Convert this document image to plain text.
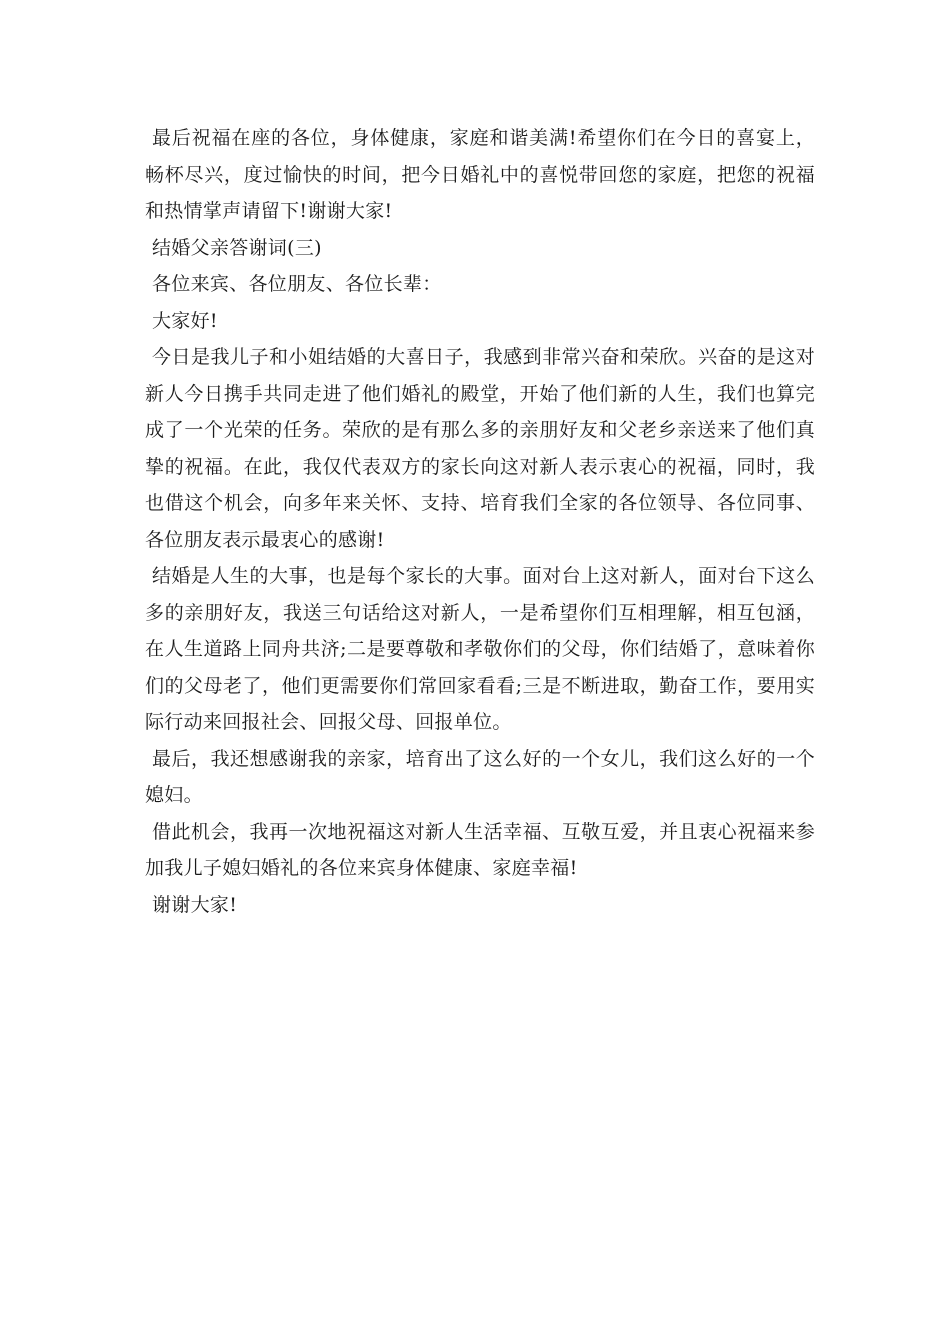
最后祝福在座的各位，身体健康，家庭和谐美满!希望你们在今日的喜宴上，畅杯尽兴，度过愉快的时间，把今日婚礼中的喜悦带回您的家庭，把您的祝福和热情掌声请留下!谢谢大家!

结婚父亲答谢词(三)

各位来宾、各位朋友、各位长辈：

大家好!

今日是我儿子和小姐结婚的大喜日子，我感到非常兴奋和荣欣。兴奋的是这对新人今日携手共同走进了他们婚礼的殿堂，开始了他们新的人生，我们也算完成了一个光荣的任务。荣欣的是有那么多的亲朋好友和父老乡亲送来了他们真挚的祝福。在此，我仅代表双方的家长向这对新人表示衷心的祝福，同时，我也借这个机会，向多年来关怀、支持、培育我们全家的各位领导、各位同事、各位朋友表示最衷心的感谢!

结婚是人生的大事，也是每个家长的大事。面对台上这对新人，面对台下这么多的亲朋好友，我送三句话给这对新人，一是希望你们互相理解，相互包涵，在人生道路上同舟共济;二是要尊敬和孝敬你们的父母，你们结婚了，意味着你们的父母老了，他们更需要你们常回家看看;三是不断进取，勤奋工作，要用实际行动来回报社会、回报父母、回报单位。

最后，我还想感谢我的亲家，培育出了这么好的一个女儿，我们这么好的一个媳妇。

借此机会，我再一次地祝福这对新人生活幸福、互敬互爱，并且衷心祝福来参加我儿子媳妇婚礼的各位来宾身体健康、家庭幸福!

谢谢大家!
